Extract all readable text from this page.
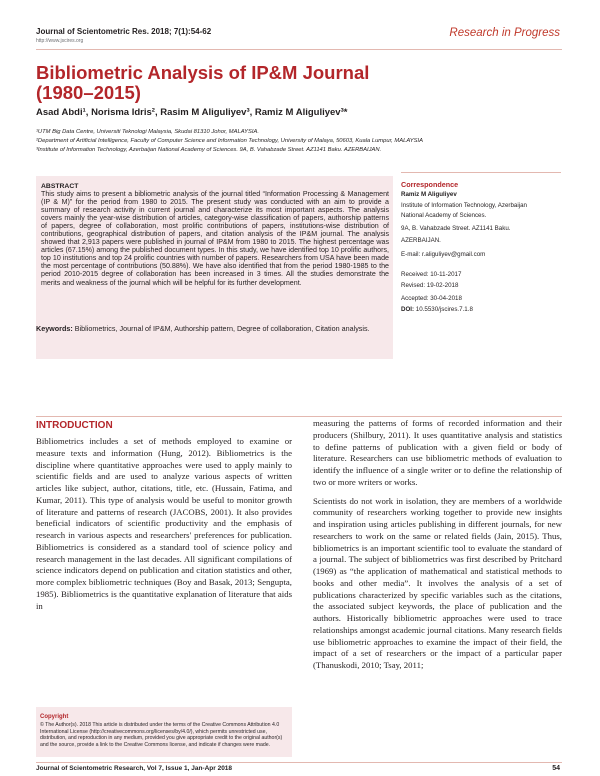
Journal of Scientometric Res. 2018; 7(1):54-62
http://www.jscires.org
Research in Progress
Bibliometric Analysis of IP&M Journal
(1980–2015)
Asad Abdi¹, Norisma Idris², Rasim M Aliguliyev³, Ramiz M Aliguliyev³*
¹UTM Big Data Centre, Universiti Teknologi Malaysia, Skudai 81310 Johor, MALAYSIA.
²Department of Artificial Intelligence, Faculty of Computer Science and Information Technology, University of Malaya, 50603, Kuala Lumpur, MALAYSIA
³Institute of Information Technology, Azerbaijan National Academy of Sciences. 9A, B. Vahabzade Street. AZ1141 Baku. AZERBAIJAN.
ABSTRACT

This study aims to present a bibliometric analysis of the journal titled “Information Processing & Management (IP & M)” for the period from 1980 to 2015. The present study was conducted with an aim to provide a summary of research activity in current journal and characterize its most important aspects. The analysis covers mainly the year-wise distribution of articles, category-wise classification of papers, authorship patterns of papers, degree of collaboration, most prolific contributions of papers, institutions-wise distribution of contributions, geographical distribution of papers, and citation analysis of the IP&M journal. The analysis showed that 2,913 papers were published in journal of IP&M from 1980 to 2015. The highest percentage was articles (67.15%) among the published document types. In this study, we have identified top 10 prolific authors, top 10 institutions and top 24 prolific countries with number of papers. Researchers from USA have been made the most percentage of contributions (50.88%). We have also identified that from the period 1980-1985 to the period 2010-2015 degree of collaboration has been increased in 3 times. All the studies demonstrate the merits and weakness of the journal which will be helpful for its further development.

Keywords: Bibliometrics, Journal of IP&M, Authorship pattern, Degree of collaboration, Citation analysis.

Correspondence
Ramiz M Aliguliyev
Institute of Information Technology, Azerbaijan
National Academy of Sciences.
9A, B. Vahabzade Street. AZ1141 Baku.
AZERBAIJAN.
E-mail: r.aliguliyev@gmail.com
Received: 10-11-2017
Revised: 19-02-2018
Accepted: 30-04-2018
DOI: 10.5530/jscires.7.1.8
INTRODUCTION

Bibliometrics includes a set of methods employed to examine or measure texts and information (Hung, 2012). Bibliometrics is the discipline where quantitative approaches were used to apply mainly to scientific fields and are used to analyze various aspects of written articles like subject, author, citations, title, etc. (Hussain, Fatima, and Kumar, 2011). This type of analysis would be useful to monitor growth of literature and patterns of research (JACOBS, 2001). It also provides beneficial indicators of scientific productivity and the emphasis of research in various aspects and researchers' preferences for publication. Bibliometrics is considered as a standard tool of science policy and research management in the last decades. All significant compilations of science indicators depend on publication and citation statistics and other, more complex bibliometric techniques (Boy and Basak, 2013; Sengupta, 1985). Bibliometrics is the quantitative explanation of literature that aids in

measuring the patterns of forms of recorded information and their producers (Shilbury, 2011). It uses quantitative analysis and statistics to define patterns of publication with a given field or body of literature. Researchers can use bibliometric methods of evaluation to identify the influence of a single writer or to define the relationship of two or more writers or works.

Scientists do not work in isolation, they are members of a worldwide community of researchers working together to provide new insights and inspiration using articles publishing in different journals, for new researchers to work on the same or related fields (Jain, 2015). Thus, bibliometrics is an important scientific tool to evaluate the standard of a journal. The subject of bibliometrics was first described by Pritchard (1969) as “the application of mathematical and statistical methods to books and other media”. It involves the analysis of a set of publications characterized by specific variables such as the citations, the associated subject keywords, the place of publication and the authors. Historically bibliometric approaches were used to trace relationships amongst academic journal citations. Many research fields use bibliometric approaches to examine the impact of their field, the impact of a set of researchers or the impact of a particular paper (Thanuskodi, 2010; Tsay, 2011;

Copyright

© The Author(s). 2018 This article is distributed under the terms of the Creative Commons Attribution 4.0 International License (http://creativecommons.org/licenses/by/4.0/), which permits unrestricted use, distribution, and reproduction in any medium, provided you give appropriate credit to the original author(s) and the source, provide a link to the Creative Commons license, and indicate if changes were made.

Journal of Scientometric Research, Vol 7, Issue 1, Jan-Apr 2018	54
